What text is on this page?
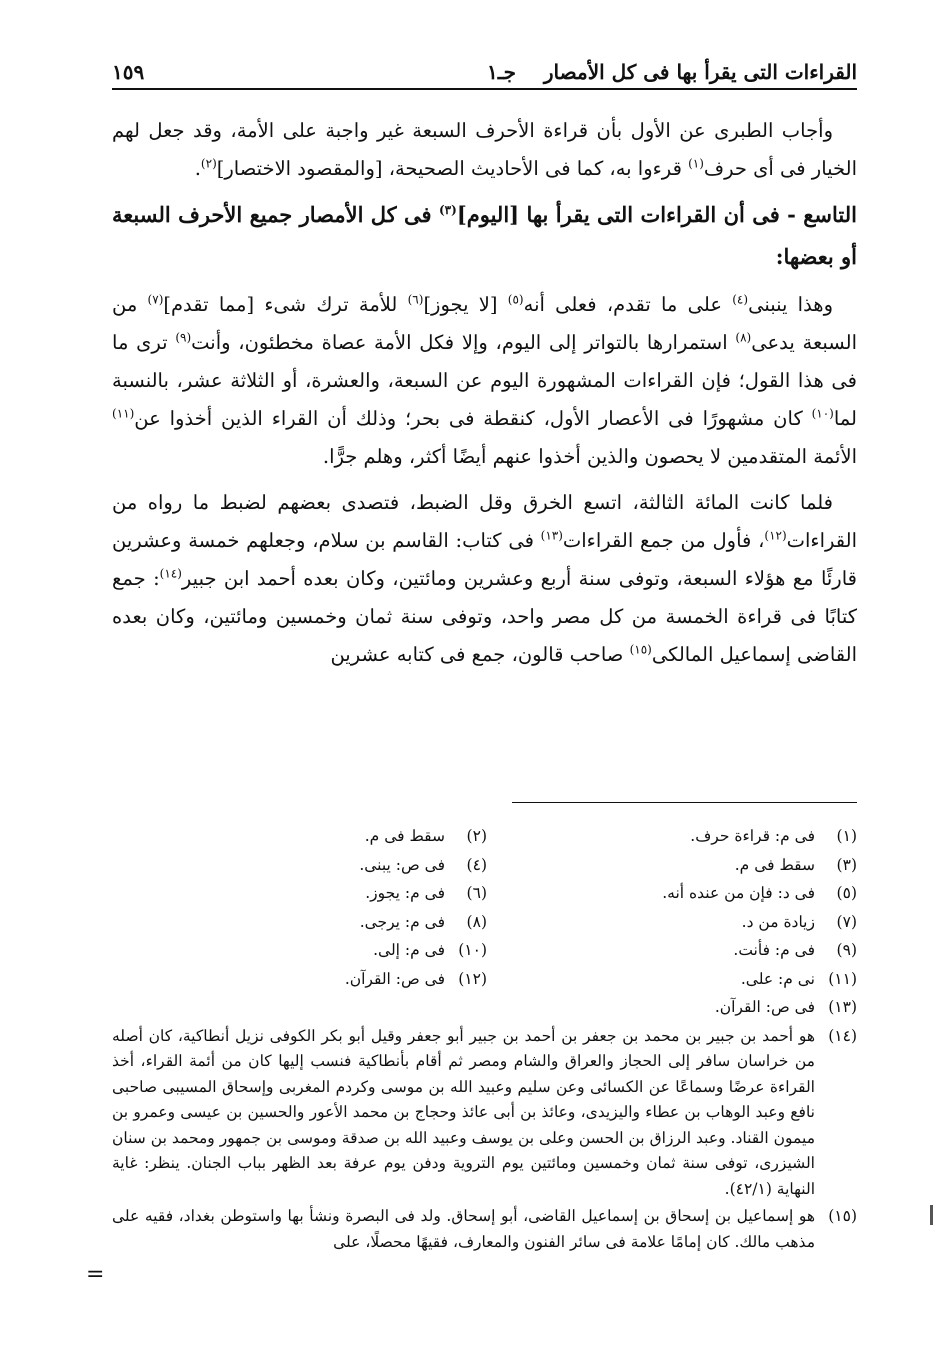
القراءات التى يقرأ بها فى كل الأمصار
جـ١
١٥٩

وأجاب الطبرى عن الأول بأن قراءة الأحرف السبعة غير واجبة على الأمة، وقد جعل لهم الخيار فى أى حرف$^{(١)}$ قرءوا به، كما فى الأحاديث الصحيحة، [والمقصود الاختصار]$^{(٢)}$.

التاسع - فى أن القراءات التى يقرأ بها [اليوم]$^{(٣)}$ فى كل الأمصار جميع الأحرف السبعة أو بعضها:

وهذا ينبنى$^{(٤)}$ على ما تقدم، فعلى أنه$^{(٥)}$ [لا يجوز]$^{(٦)}$ للأمة ترك شىء [مما تقدم]$^{(٧)}$ من السبعة يدعى$^{(٨)}$ استمرارها بالتواتر إلى اليوم، وإلا فكل الأمة عصاة مخطئون، وأنت$^{(٩)}$ ترى ما فى هذا القول؛ فإن القراءات المشهورة اليوم عن السبعة، والعشرة، أو الثلاثة عشر، بالنسبة لما$^{(١٠)}$ كان مشهورًا فى الأعصار الأول، كنقطة فى بحر؛ وذلك أن القراء الذين أخذوا عن$^{(١١)}$ الأئمة المتقدمين لا يحصون والذين أخذوا عنهم أيضًا أكثر، وهلم جرًّا.

فلما كانت المائة الثالثة، اتسع الخرق وقل الضبط، فتصدى بعضهم لضبط ما رواه من القراءات$^{(١٢)}$، فأول من جمع القراءات$^{(١٣)}$ فى كتاب: القاسم بن سلام، وجعلهم خمسة وعشرين قارئًا مع هؤلاء السبعة، وتوفى سنة أربع وعشرين ومائتين، وكان بعده أحمد ابن جبير$^{(١٤)}$: جمع كتابًا فى قراءة الخمسة من كل مصر واحد، وتوفى سنة ثمان وخمسين ومائتين، وكان بعده القاضى إسماعيل المالكى$^{(١٥)}$ صاحب قالون، جمع فى كتابه عشرين

(١)فى م: قراءة حرف.
(٢)سقط فى م.
(٣)سقط فى م.
(٤)فى ص: يبنى.
(٥)فى د: فإن من عنده أنه.
(٦)فى م: يجوز.
(٧)زيادة من د.
(٨)فى م: يرجى.
(٩)فى م: فأنت.
(١٠)فى م: إلى.
(١١)نى م: على.
(١٢)فى ص: القرآن.
(١٣)فى ص: القرآن.
(١٤)
هو أحمد بن جبير بن محمد بن جعفر بن أحمد بن جبير أبو جعفر وقيل أبو بكر الكوفى نزيل أنطاكية، كان أصله من خراسان سافر إلى الحجاز والعراق والشام ومصر ثم أقام بأنطاكية فنسب إليها كان من أئمة القراء، أخذ القراءة عرضًا وسماعًا عن الكسائى وعن سليم وعبيد الله بن موسى وكردم المغربى وإسحاق المسيبى صاحبى نافع وعبد الوهاب بن عطاء واليزيدى، وعائذ بن أبى عائذ وحجاج بن محمد الأعور والحسين بن عيسى وعمرو بن ميمون القناد. وعبد الرزاق بن الحسن وعلى بن يوسف وعبيد الله بن صدقة وموسى بن جمهور ومحمد بن سنان الشيزرى، توفى سنة ثمان وخمسين ومائتين يوم التروية ودفن يوم عرفة بعد الظهر بباب الجنان. ينظر: غاية النهاية (٤٢/١).
(١٥)
هو إسماعيل بن إسحاق بن إسماعيل القاضى، أبو إسحاق. ولد فى البصرة ونشأ بها واستوطن بغداد، فقيه على مذهب مالك. كان إمامًا علامة فى سائر الفنون والمعارف، فقيهًا محصلًا، على
=
